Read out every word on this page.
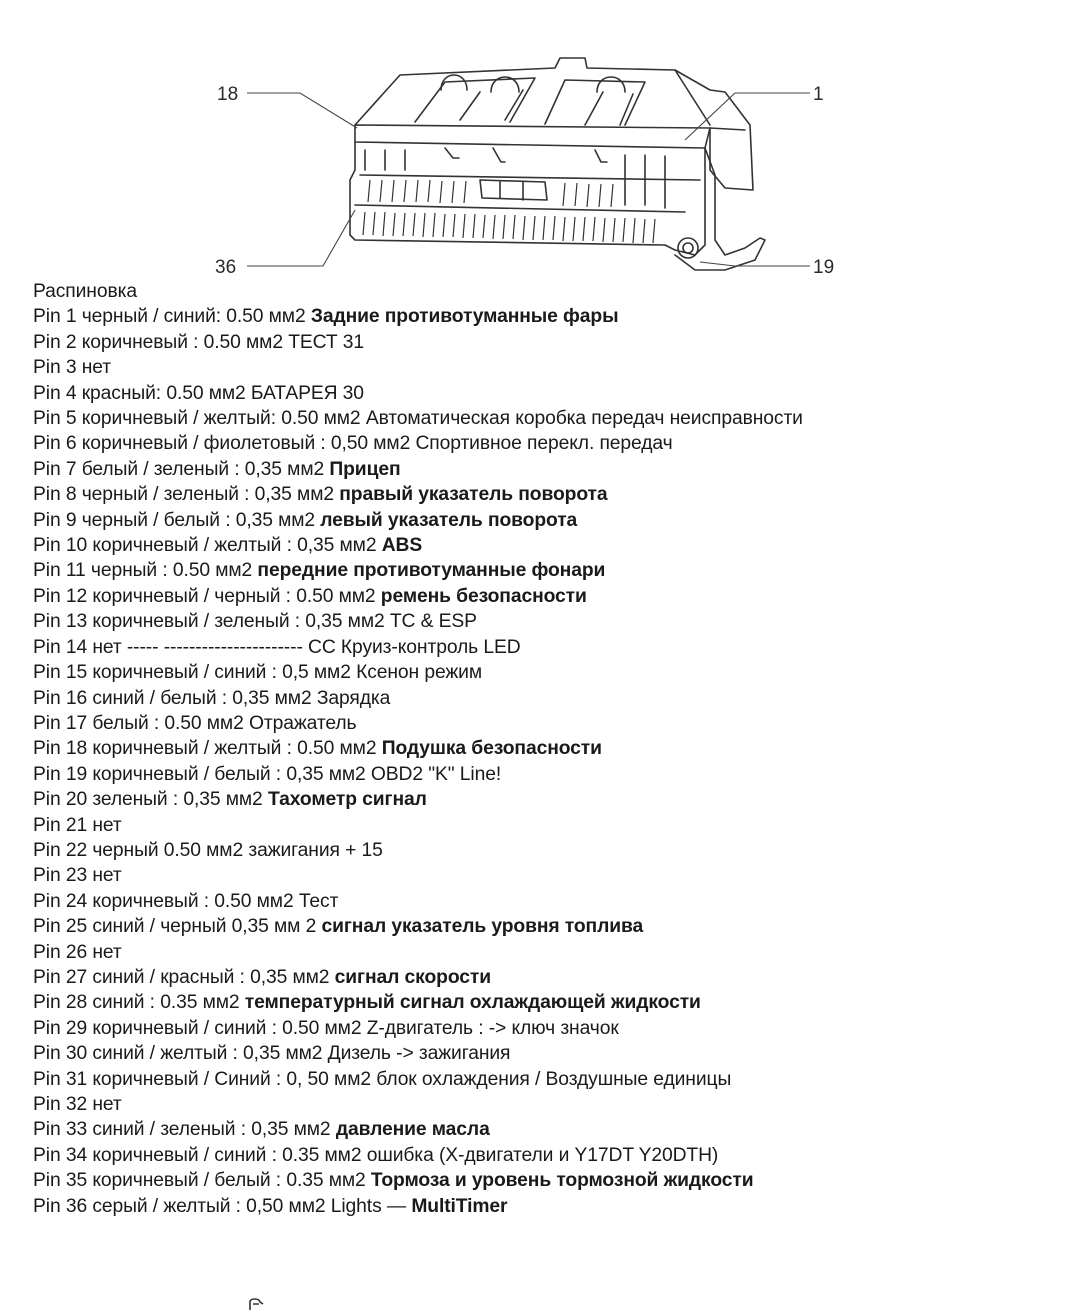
18	1
36	19
Распиновка
Pin 1 черный / синий: 0.50 мм2 Задние противотуманные фары
Pin 2 коричневый : 0.50 мм2 ТЕСТ 31
Pin 3 нет
Pin 4 красный: 0.50 мм2 БАТАРЕЯ 30
Pin 5 коричневый / желтый: 0.50 мм2 Автоматическая коробка передач неисправности
Pin 6 коричневый / фиолетовый : 0,50 мм2 Спортивное перекл. передач
Pin 7 белый / зеленый : 0,35 мм2 Прицеп
Pin 8 черный / зеленый : 0,35 мм2 правый указатель поворота
Pin 9 черный / белый : 0,35 мм2 левый указатель поворота
Pin 10 коричневый / желтый : 0,35 мм2 ABS
Pin 11 черный : 0.50 мм2 передние противотуманные фонари
Pin 12 коричневый / черный : 0.50 мм2 ремень безопасности
Pin 13 коричневый / зеленый : 0,35 мм2 TC & ESP
Pin 14 нет ----- ---------------------- CC Круиз-контроль LED
Pin 15 коричневый / синий : 0,5 мм2 Ксенон режим
Pin 16 синий / белый : 0,35 мм2 Зарядка
Pin 17 белый : 0.50 мм2 Отражатель
Pin 18 коричневый / желтый : 0.50 мм2 Подушка безопасности
Pin 19 коричневый / белый : 0,35 мм2 OBD2 "K" Line!
Pin 20 зеленый : 0,35 мм2 Тахометр сигнал
Pin 21 нет
Pin 22 черный 0.50 мм2 зажигания + 15
Pin 23 нет
Pin 24 коричневый : 0.50 мм2 Тест
Pin 25 синий / черный 0,35 мм 2 сигнал указатель уровня топлива
Pin 26 нет
Pin 27 синий / красный : 0,35 мм2 сигнал скорости
Pin 28 синий : 0.35 мм2 температурный сигнал охлаждающей жидкости
Pin 29 коричневый / синий : 0.50 мм2 Z-двигатель : -> ключ значок
Pin 30 синий / желтый : 0,35 мм2 Дизель -> зажигания
Pin 31 коричневый / Синий : 0, 50 мм2 блок охлаждения / Воздушные единицы
Pin 32 нет
Pin 33 синий / зеленый : 0,35 мм2 давление масла
Pin 34 коричневый / синий : 0.35 мм2 ошибка (X-двигатели и Y17DT Y20DTH)
Pin 35 коричневый / белый : 0.35 мм2 Тормоза и уровень тормозной жидкости
Pin 36 серый / желтый : 0,50 мм2 Lights — MultiTimer
